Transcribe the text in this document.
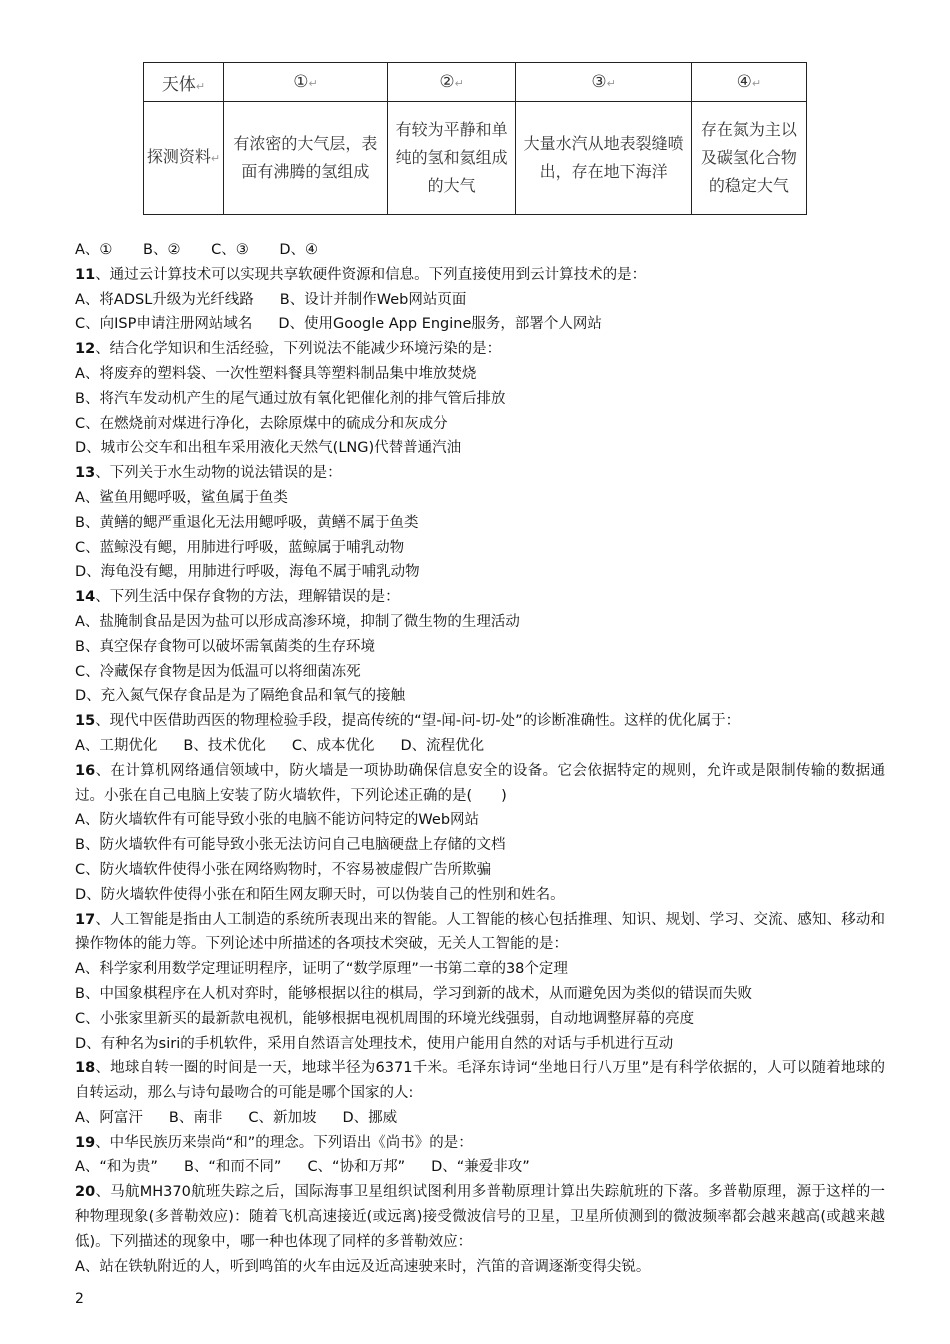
天体↵	①↵	②↵	③↵	④↵
探测资料↵	有浓密的大气层，表面有沸腾的氢组成	有较为平静和单纯的氢和氦组成的大气	大量水汽从地表裂缝喷出，存在地下海洋	存在氮为主以及碳氢化合物的稳定大气
A、① B、② C、③ D、④
11、通过云计算技术可以实现共享软硬件资源和信息。下列直接使用到云计算技术的是：
A、将ADSL升级为光纤线路 B、设计并制作Web网站页面
C、向ISP申请注册网站域名 D、使用Google App Engine服务，部署个人网站
12、结合化学知识和生活经验，下列说法不能减少环境污染的是：
A、将废弃的塑料袋、一次性塑料餐具等塑料制品集中堆放焚烧
B、将汽车发动机产生的尾气通过放有氧化钯催化剂的排气管后排放
C、在燃烧前对煤进行净化，去除原煤中的硫成分和灰成分
D、城市公交车和出租车采用液化天然气(LNG)代替普通汽油
13、下列关于水生动物的说法错误的是：
A、鲨鱼用鳃呼吸，鲨鱼属于鱼类
B、黄鳝的鳃严重退化无法用鳃呼吸，黄鳝不属于鱼类
C、蓝鲸没有鳃，用肺进行呼吸，蓝鲸属于哺乳动物
D、海龟没有鳃，用肺进行呼吸，海龟不属于哺乳动物
14、下列生活中保存食物的方法，理解错误的是：
A、盐腌制食品是因为盐可以形成高渗环境，抑制了微生物的生理活动
B、真空保存食物可以破坏需氧菌类的生存环境
C、冷藏保存食物是因为低温可以将细菌冻死
D、充入氮气保存食品是为了隔绝食品和氧气的接触
15、现代中医借助西医的物理检验手段，提高传统的“望-闻-问-切-处”的诊断准确性。这样的优化属于：
A、工期优化 B、技术优化 C、成本优化 D、流程优化
16、在计算机网络通信领域中，防火墙是一项协助确保信息安全的设备。它会依据特定的规则，允许或是限制传输的数据通过。小张在自己电脑上安装了防火墙软件，下列论述正确的是(　　)
A、防火墙软件有可能导致小张的电脑不能访问特定的Web网站
B、防火墙软件有可能导致小张无法访问自己电脑硬盘上存储的文档
C、防火墙软件使得小张在网络购物时，不容易被虚假广告所欺骗
D、防火墙软件使得小张在和陌生网友聊天时，可以伪装自己的性别和姓名。
17、人工智能是指由人工制造的系统所表现出来的智能。人工智能的核心包括推理、知识、规划、学习、交流、感知、移动和操作物体的能力等。下列论述中所描述的各项技术突破，无关人工智能的是：
A、科学家利用数学定理证明程序，证明了“数学原理”一书第二章的38个定理
B、中国象棋程序在人机对弈时，能够根据以往的棋局，学习到新的战术，从而避免因为类似的错误而失败
C、小张家里新买的最新款电视机，能够根据电视机周围的环境光线强弱，自动地调整屏幕的亮度
D、有种名为siri的手机软件，采用自然语言处理技术，使用户能用自然的对话与手机进行互动
18、地球自转一圈的时间是一天，地球半径为6371千米。毛泽东诗词“坐地日行八万里”是有科学依据的，人可以随着地球的自转运动，那么与诗句最吻合的可能是哪个国家的人:
A、阿富汗 B、南非 C、新加坡 D、挪威
19、中华民族历来崇尚“和”的理念。下列语出《尚书》的是：
A、“和为贵” B、“和而不同” C、“协和万邦” D、“兼爱非攻”
20、马航MH370航班失踪之后，国际海事卫星组织试图利用多普勒原理计算出失踪航班的下落。多普勒原理，源于这样的一种物理现象(多普勒效应)：随着飞机高速接近(或远离)接受微波信号的卫星，卫星所侦测到的微波频率都会越来越高(或越来越低)。下列描述的现象中，哪一种也体现了同样的多普勒效应：
A、站在铁轨附近的人，听到鸣笛的火车由远及近高速驶来时，汽笛的音调逐渐变得尖锐。
2
